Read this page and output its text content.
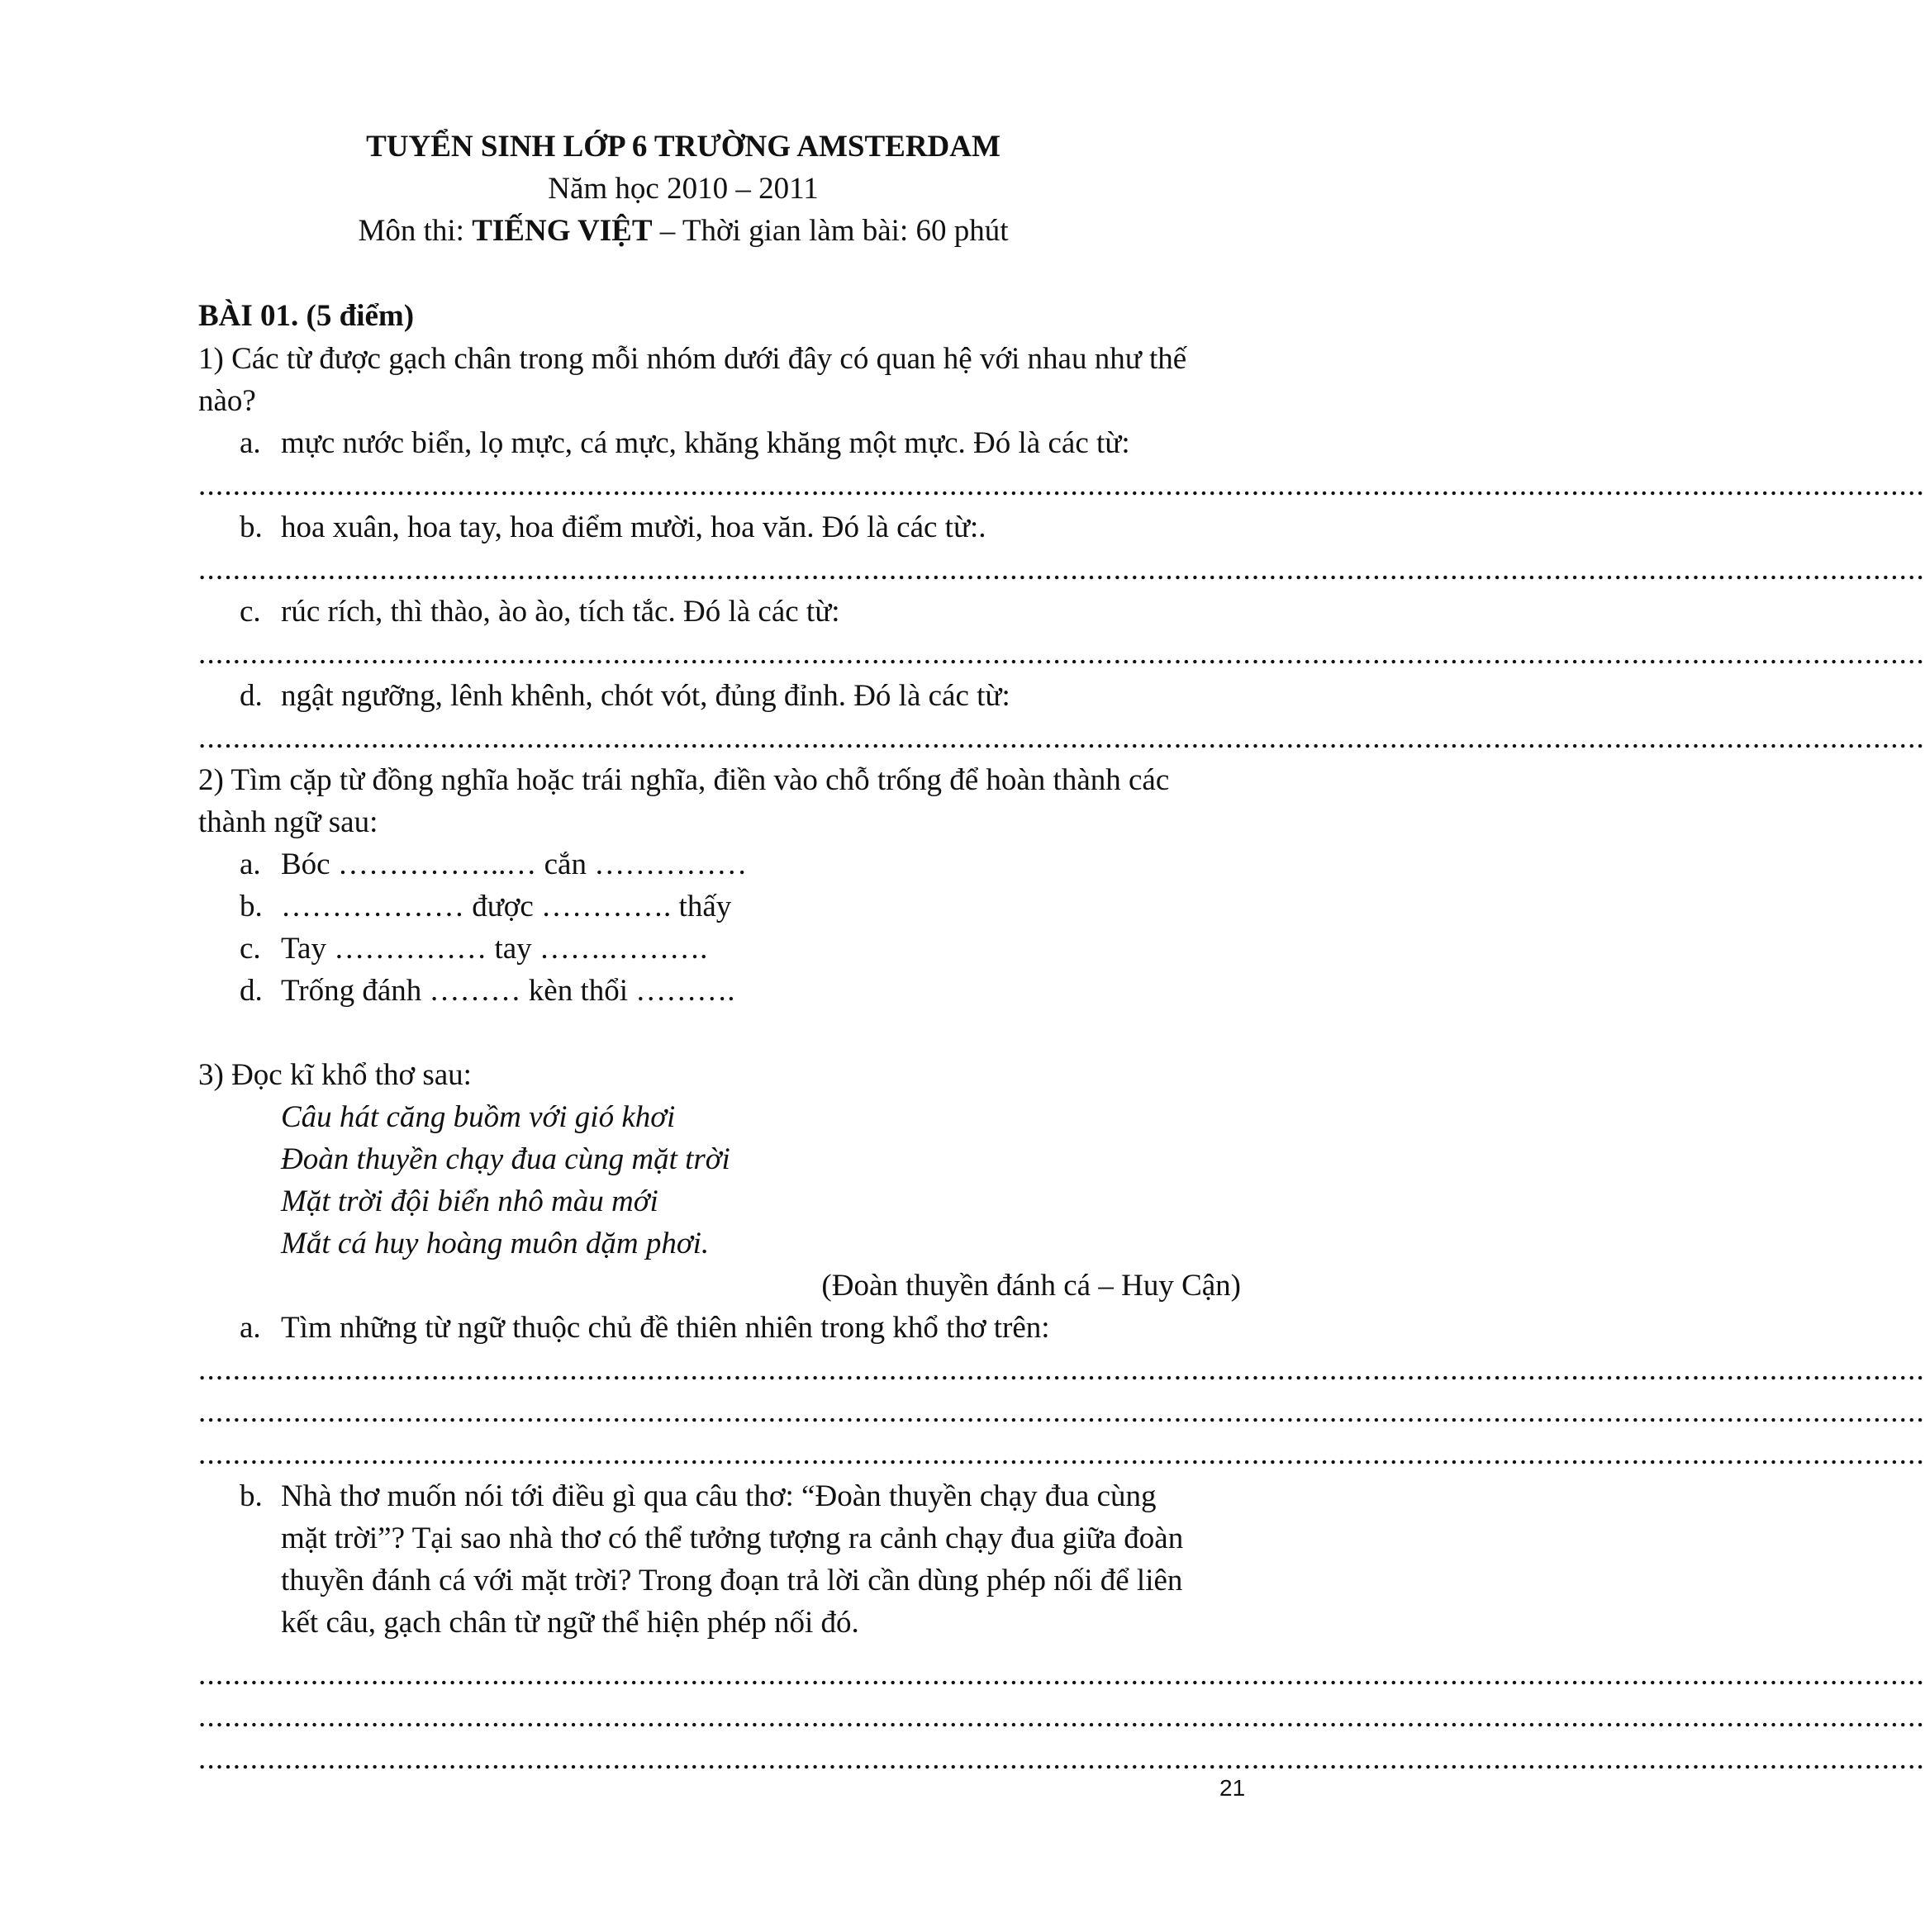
TUYỂN SINH LỚP 6 TRƯỜNG AMSTERDAM
Năm học 2010 – 2011
Môn thi: TIẾNG VIỆT – Thời gian làm bài: 60 phút
BÀI 01. (5 điểm)
1) Các từ được gạch chân trong mỗi nhóm dưới đây có quan hệ với nhau như thế
nào?
a. mực nước biển, lọ mực, cá mực, khăng khăng một mực. Đó là các từ:
........................................................................................................................................................................................................
b. hoa xuân, hoa tay, hoa điểm mười, hoa văn. Đó là các từ:.
........................................................................................................................................................................................................
c. rúc rích, thì thào, ào ào, tích tắc. Đó là các từ:
........................................................................................................................................................................................................
d. ngật ngưỡng, lênh khênh, chót vót, đủng đỉnh. Đó là các từ:
........................................................................................................................................................................................................
2) Tìm cặp từ đồng nghĩa hoặc trái nghĩa, điền vào chỗ trống để hoàn thành các
thành ngữ sau:
a. Bóc ……………..… cắn ……………
b. ……………… được …………. thấy
c. Tay …………… tay …….……….
d. Trống đánh ……… kèn thổi ……….
3) Đọc kĩ khổ thơ sau:
Câu hát căng buồm với gió khơi
Đoàn thuyền chạy đua cùng mặt trời
Mặt trời đội biển nhô màu mới
Mắt cá huy hoàng muôn dặm phơi.
(Đoàn thuyền đánh cá – Huy Cận)
a. Tìm những từ ngữ thuộc chủ đề thiên nhiên trong khổ thơ trên:
........................................................................................................................................................................................................
........................................................................................................................................................................................................
........................................................................................................................................................................................................
b. Nhà thơ muốn nói tới điều gì qua câu thơ: “Đoàn thuyền chạy đua cùng
mặt trời”? Tại sao nhà thơ có thể tưởng tượng ra cảnh chạy đua giữa đoàn
thuyền đánh cá với mặt trời? Trong đoạn trả lời cần dùng phép nối để liên
kết câu, gạch chân từ ngữ thể hiện phép nối đó.
........................................................................................................................................................................................................
........................................................................................................................................................................................................
........................................................................................................................................................................................................
21
